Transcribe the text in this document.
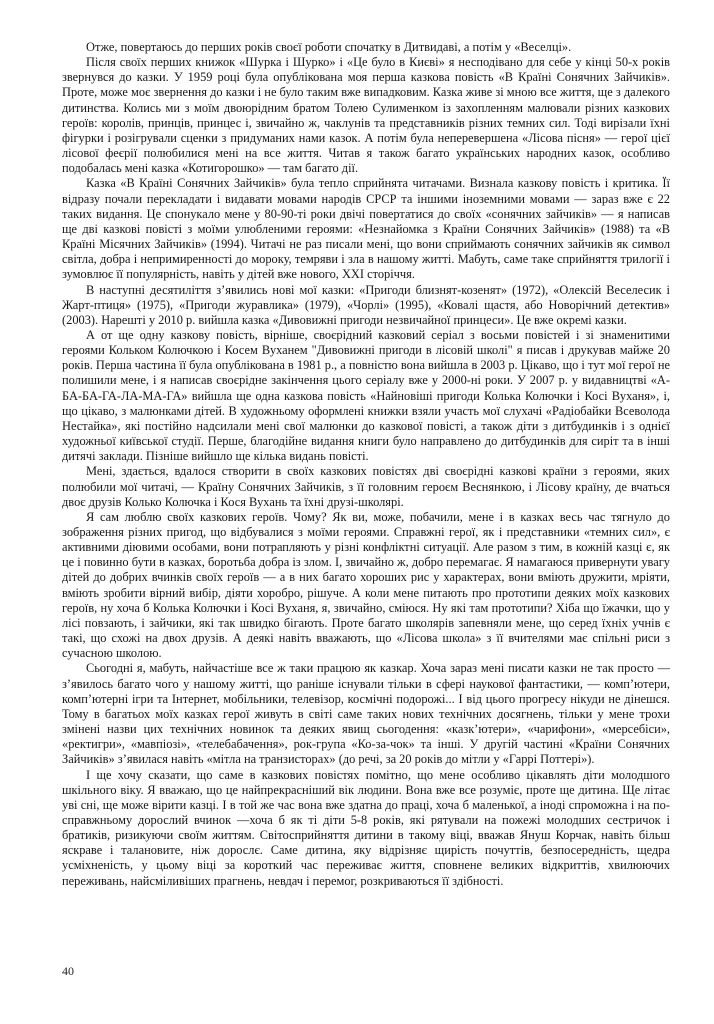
Отже, повертаюсь до перших років своєї роботи спочатку в Дитвидаві, а потім у «Веселці».

Після своїх перших книжок «Шурка і Шурко» і «Це було в Києві» я несподівано для себе у кінці 50-х років звернувся до казки. У 1959 році була опублікована моя перша казкова повість «В Країні Сонячних Зайчиків». Проте, може моє звернення до казки і не було таким вже випадковим. Казка живе зі мною все життя, ще з далекого дитинства. Колись ми з моїм двоюрідним братом Толею Сулименком із захопленням малювали різних казкових героїв: королів, принців, принцес і, звичайно ж, чаклунів та представників різних темних сил. Тоді вирізали їхні фігурки і розігрували сценки з придуманих нами казок. А потім була неперевершена «Лісова пісня» — герої цієї лісової феєрії полюбилися мені на все життя. Читав я також багато українських народних казок, особливо подобалась мені казка «Котигорошко» — там багато дії.

Казка «В Країні Сонячних Зайчиків» була тепло сприйнята читачами. Визнала казкову повість і критика. Її відразу почали перекладати і видавати мовами народів СРСР та іншими іноземними мовами — зараз вже є 22 таких видання. Це спонукало мене у 80-90-ті роки двічі повертатися до своїх «сонячних зайчиків» — я написав ще дві казкові повісті з моїми улюбленими героями: «Незнайомка з Країни Сонячних Зайчиків» (1988) та «В Країні Місячних Зайчиків» (1994). Читачі не раз писали мені, що вони сприймають сонячних зайчиків як символ світла, добра і непримиренності до мороку, темряви і зла в нашому житті. Мабуть, саме таке сприйняття трилогії і зумовлює її популярність, навіть у дітей вже нового, ХХІ сторіччя.

В наступні десятиліття з’явились нові мої казки: «Пригоди близнят-козенят» (1972), «Олексій Веселесик і Жарт-птиця» (1975), «Пригоди журавлика» (1979), «Чорлі» (1995), «Ковалі щастя, або Новорічний детектив» (2003). Нарешті у 2010 р. вийшла казка «Дивовижні пригоди незвичайної принцеси». Це вже окремі казки.

А от ще одну казкову повість, вірніше, своєрідний казковий серіал з восьми повістей і зі знаменитими героями Кольком Колючкою і Косем Вуханем "Дивовижні пригоди в лісовій школі" я писав і друкував майже 20 років. Перша частина її була опублікована в 1981 р., а повністю вона вийшла в 2003 р. Цікаво, що і тут мої герої не полишили мене, і я написав своєрідне закінчення цього серіалу вже у 2000-ні роки. У 2007 р. у видавництві «А-БА-БА-ГА-ЛА-МА-ГА» вийшла ще одна казкова повість «Найновіші пригоди Колька Колючки і Косі Вуханя», і, що цікаво, з малюнками дітей. В художньому оформлені книжки взяли участь мої слухачі «Радіобайки Всеволода Нестайка», які постійно надсилали мені свої малюнки до казкової повісті, а також діти з дитбудинків і з однієї художньої київської студії. Перше, благодійне видання книги було направлено до дитбудинків для сиріт та в інші дитячі заклади. Пізніше вийшло ще кілька видань повісті.

Мені, здається, вдалося створити в своїх казкових повістях дві своєрідні казкові країни з героями, яких полюбили мої читачі, — Країну Сонячних Зайчиків, з її головним героєм Веснянкою, і Лісову країну, де вчаться двоє друзів Колько Колючка і Кося Вухань та їхні друзі-школярі.

Я сам люблю своїх казкових героїв. Чому? Як ви, може, побачили, мене і в казках весь час тягнуло до зображення різних пригод, що відбувалися з моїми героями. Справжні герої, як і представники «темних сил», є активними діювими особами, вони потрапляють у різні конфліктні ситуації. Але разом з тим, в кожній казці є, як це і повинно бути в казках, боротьба добра із злом. І, звичайно ж, добро перемагає. Я намагаюся привернути увагу дітей до добрих вчинків своїх героїв — а в них багато хороших рис у характерах, вони вміють дружити, мріяти, вміють зробити вірний вибір, діяти хоробро, рішуче. А коли мене питають про прототипи деяких моїх казкових героїв, ну хоча б Колька Колючки і Косі Вуханя, я, звичайно, сміюся. Ну які там прототипи? Хіба що їжачки, що у лісі повзають, і зайчики, які так швидко бігають. Проте багато школярів запевняли мене, що серед їхніх учнів є такі, що схожі на двох друзів. А деякі навіть вважають, що «Лісова школа» з її вчителями має спільні риси з сучасною школою.

Сьогодні я, мабуть, найчастіше все ж таки працюю як казкар. Хоча зараз мені писати казки не так просто — з’явилось багато чого у нашому житті, що раніше існували тільки в сфері наукової фантастики, — комп’ютери, комп’ютерні ігри та Інтернет, мобільники, телевізор, космічні подорожі... І від цього прогресу нікуди не дінешся. Тому в багатьох моїх казках герої живуть в світі саме таких нових технічних досягнень, тільки у мене трохи змінені назви цих технічних новинок та деяких явищ сьогодення: «казк’ютери», «чарифони», «мерсебіси», «ректигри», «мавпіозі», «телебабачення», рок-група «Ко-за-чок» та інші. У другій частині «Країни Сонячних Зайчиків» з’явилася навіть «мітла на транзисторах» (до речі, за 20 років до мітли у «Гаррі Поттері»).

І ще хочу сказати, що саме в казкових повістях помітно, що мене особливо цікавлять діти молодшого шкільного віку. Я вважаю, що це найпрекрасніший вік людини. Вона вже все розуміє, проте ще дитина. Ще літає уві сні, ще може вірити казці. І в той же час вона вже здатна до праці, хоча б маленької, а іноді спроможна і на по-справжньому дорослий вчинок —хоча б як ті діти 5-8 років, які рятували на пожежі молодших сестричок і братиків, ризикуючи своїм життям. Світосприйняття дитини в такому віці, вважав Януш Корчак, навіть більш яскраве і талановите, ніж дорослє. Саме дитина, яку відрізняє щирість почуттів, безпосередність, щедра усміхненість, у цьому віці за короткий час переживає життя, сповнене великих відкриттів, хвилюючих переживань, найсміливіших прагнень, невдач і перемог, розкриваються її здібності.

40
